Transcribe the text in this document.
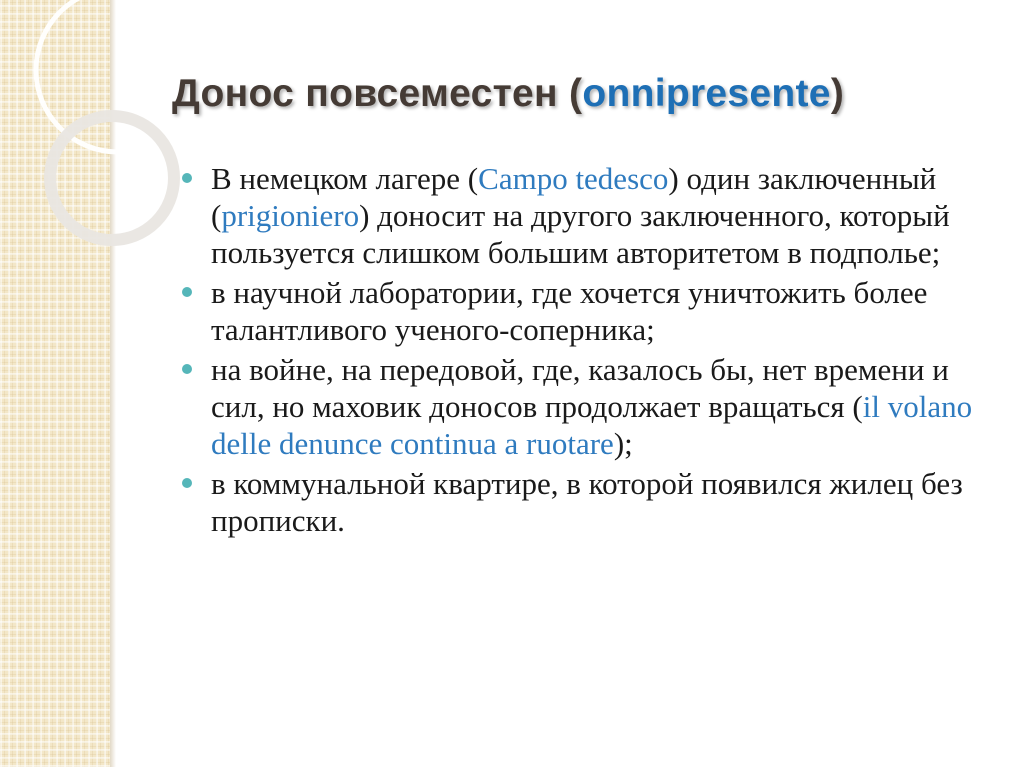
Донос повсеместен (onnipresente)
В немецком лагере (Campo tedesco) один заключенный (prigioniero) доносит на другого заключенного, который пользуется слишком большим авторитетом в подполье;
в научной лаборатории, где хочется уничтожить более талантливого ученого-соперника;
на войне, на передовой, где, казалось бы, нет времени и сил, но маховик доносов продолжает вращаться (il volano delle denunce continua a ruotare);
в коммунальной квартире, в которой появился жилец без прописки.
